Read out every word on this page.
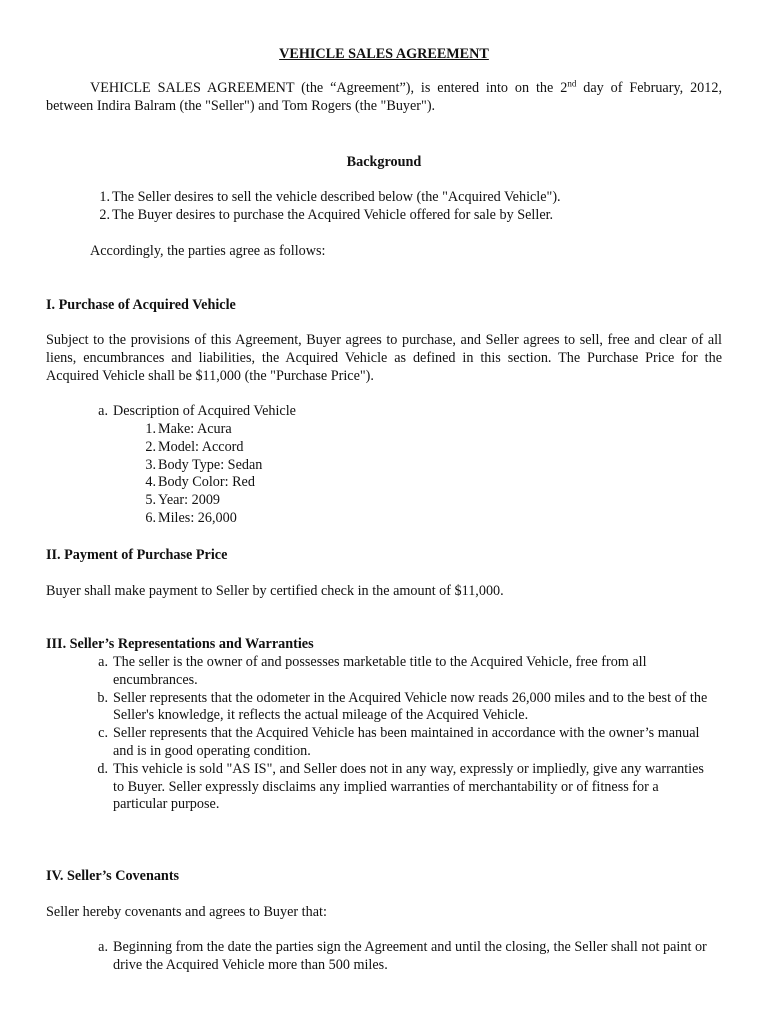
VEHICLE SALES AGREEMENT

VEHICLE SALES AGREEMENT (the “Agreement”), is entered into on the 2nd day of February, 2012, between Indira Balram (the "Seller") and Tom Rogers (the "Buyer").

Background

1. The Seller desires to sell the vehicle described below (the "Acquired Vehicle").
2. The Buyer desires to purchase the Acquired Vehicle offered for sale by Seller.

Accordingly, the parties agree as follows:

I. Purchase of Acquired Vehicle

Subject to the provisions of this Agreement, Buyer agrees to purchase, and Seller agrees to sell, free and clear of all liens, encumbrances and liabilities, the Acquired Vehicle as defined in this section. The Purchase Price for the Acquired Vehicle shall be $11,000 (the "Purchase Price").

a. Description of Acquired Vehicle
1. Make: Acura
2. Model: Accord
3. Body Type: Sedan
4. Body Color: Red
5. Year: 2009
6. Miles: 26,000

II. Payment of Purchase Price

Buyer shall make payment to Seller by certified check in the amount of $11,000.

III. Seller’s Representations and Warranties

a. The seller is the owner of and possesses marketable title to the Acquired Vehicle, free from all encumbrances.
b. Seller represents that the odometer in the Acquired Vehicle now reads 26,000 miles and to the best of the Seller's knowledge, it reflects the actual mileage of the Acquired Vehicle.
c. Seller represents that the Acquired Vehicle has been maintained in accordance with the owner’s manual and is in good operating condition.
d. This vehicle is sold "AS IS", and Seller does not in any way, expressly or impliedly, give any warranties to Buyer. Seller expressly disclaims any implied warranties of merchantability or of fitness for a particular purpose.

IV. Seller’s Covenants

Seller hereby covenants and agrees to Buyer that:

a. Beginning from the date the parties sign the Agreement and until the closing, the Seller shall not paint or drive the Acquired Vehicle more than 500 miles.
